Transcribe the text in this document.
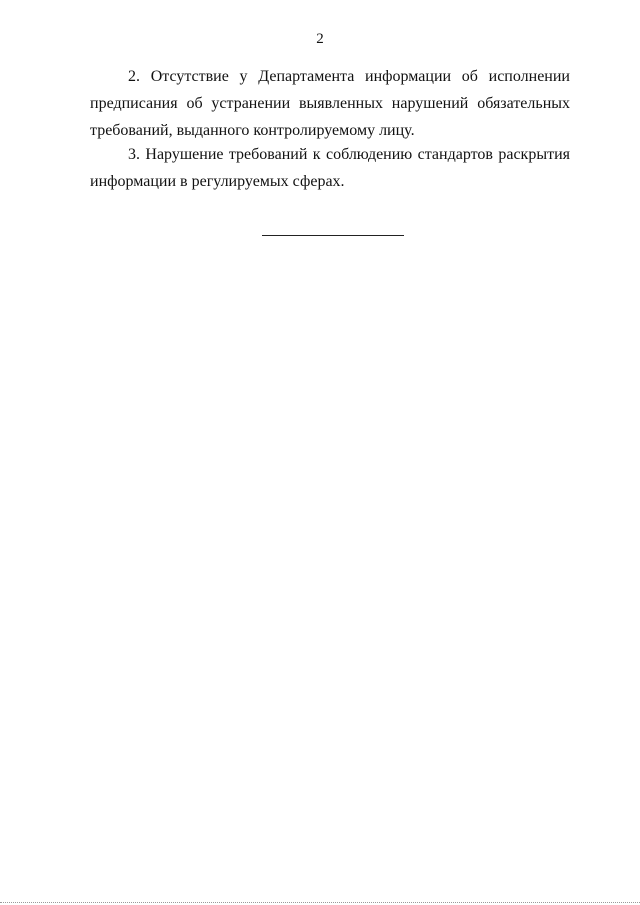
2
2. Отсутствие у Департамента информации об исполнении
предписания об устранении выявленных нарушений обязательных
требований, выданного контролируемому лицу.
3. Нарушение требований к соблюдению стандартов раскрытия
информации в регулируемых сферах.
